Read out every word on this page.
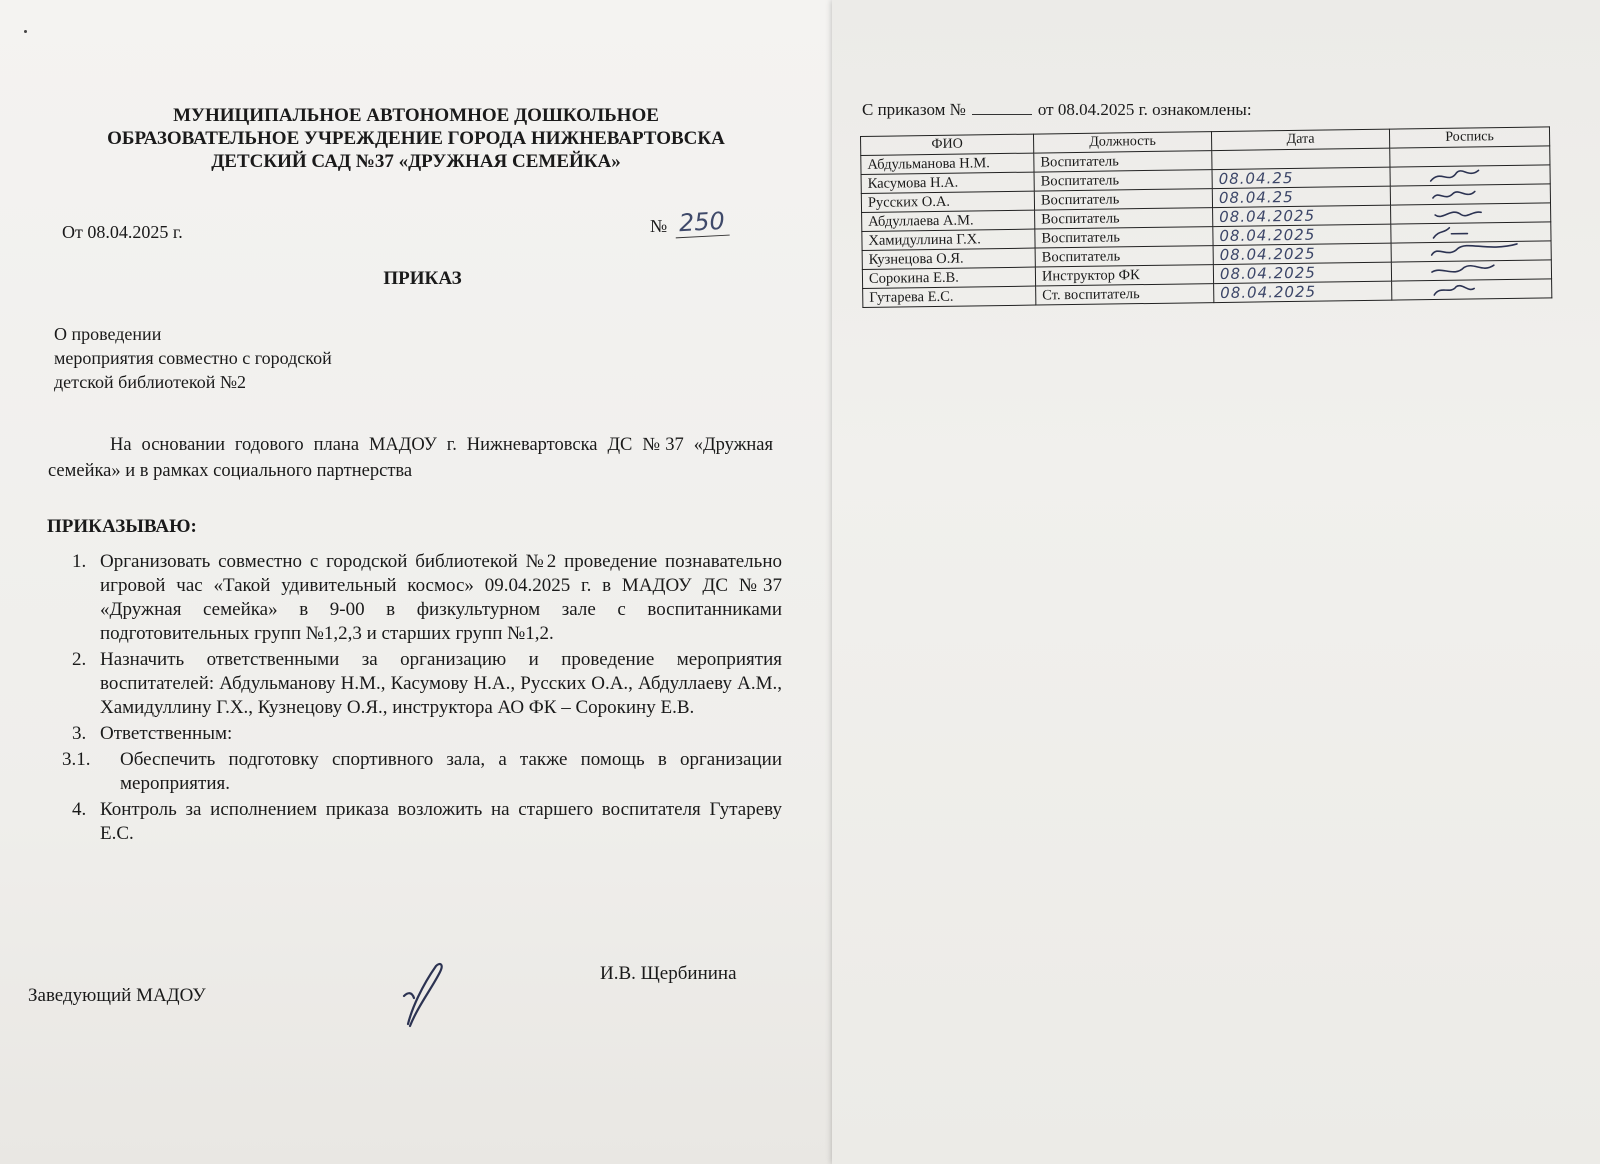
МУНИЦИПАЛЬНОЕ АВТОНОМНОЕ ДОШКОЛЬНОЕ
ОБРАЗОВАТЕЛЬНОЕ УЧРЕЖДЕНИЕ ГОРОДА НИЖНЕВАРТОВСКА
ДЕТСКИЙ САД №37 «ДРУЖНАЯ СЕМЕЙКА»
От 08.04.2025 г.	№ 250
ПРИКАЗ
О проведении
мероприятия совместно с городской
детской библиотекой №2
На основании годового плана МАДОУ г. Нижневартовска ДС №37 «Дружная семейка» и в рамках социального партнерства
ПРИКАЗЫВАЮ:
1. Организовать совместно с городской библиотекой №2 проведение познавательно игровой час «Такой удивительный космос» 09.04.2025 г. в МАДОУ ДС №37 «Дружная семейка» в 9-00 в физкультурном зале с воспитанниками подготовительных групп №1,2,3 и старших групп №1,2.
2. Назначить ответственными за организацию и проведение мероприятия воспитателей: Абдульманову Н.М., Касумову Н.А., Русских О.А., Абдуллаеву А.М., Хамидуллину Г.Х., Кузнецову О.Я., инструктора АО ФК – Сорокину Е.В.
3. Ответственным:
3.1. Обеспечить подготовку спортивного зала, а также помощь в организации мероприятия.
4. Контроль за исполнением приказа возложить на старшего воспитателя Гутареву Е.С.
Заведующий МАДОУ
И.В. Щербинина
С приказом №	от 08.04.2025 г. ознакомлены:
ФИО	Должность	Дата	Роспись
Абдульманова Н.М.	Воспитатель		
Касумова Н.А.	Воспитатель	08.04.25	

Русских О.А.	Воспитатель	08.04.25	

Абдуллаева А.М.	Воспитатель	08.04.2025	

Хамидуллина Г.Х.	Воспитатель	08.04.2025	

Кузнецова О.Я.	Воспитатель	08.04.2025	

Сорокина Е.В.	Инструктор ФК	08.04.2025	

Гутарева Е.С.	Ст. воспитатель	08.04.2025	
